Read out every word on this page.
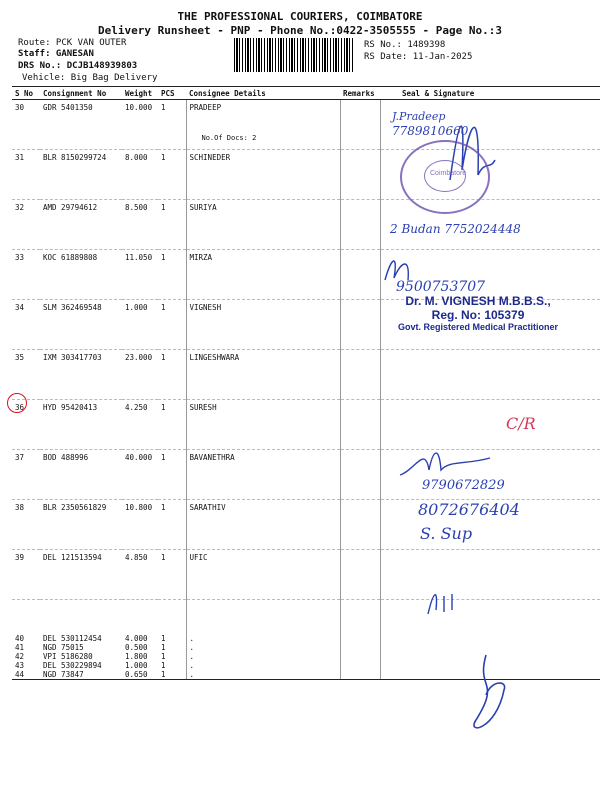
THE PROFESSIONAL COURIERS, COIMBATORE
Delivery Runsheet - PNP - Phone No.:0422-3505555 - Page No.:3
Route: PCK VAN OUTER
Staff: GANESAN
DRS No.: DCJB148939803
Vehicle: Big Bag Delivery
RS No.: 1489398
RS Date: 11-Jan-2025
S No	Consignment No	Weight	PCS	Consignee Details	Remarks	Seal & Signature
30	GDR 5401350	10.000	1	PRADEEP
No.Of Docs: 2		

31	BLR 8150299724	8.000	1	SCHINEDER		
32	AMD 29794612	8.500	1	SURIYA		
33	KOC 61889808	11.050	1	MIRZA		
34	SLM 362469548	1.000	1	VIGNESH		
35	IXM 303417703	23.000	1	LINGESHWARA		
36	HYD 95420413	4.250	1	SURESH		
37	BOD 488996	40.000	1	BAVANETHRA		
38	BLR 2350561829	10.800	1	SARATHIV		
39	DEL 121513594	4.850	1	UFIC		
40	DEL 530112454	4.000	1	.		
41	NGD 75015	0.500	1	.		
42	VPI 5186280	1.800	1	.		
43	DEL 530229894	1.000	1	.		
44	NGD 73847	0.650	1	.		
J.Pradeep
7789810660
Coimbatore
2 Budan 7752024448
9500753707
Dr. M. VIGNESH M.B.B.S.,
Reg. No: 105379
Govt. Registered Medical Practitioner
C/R
9790672829
8072676404
S. Sup
